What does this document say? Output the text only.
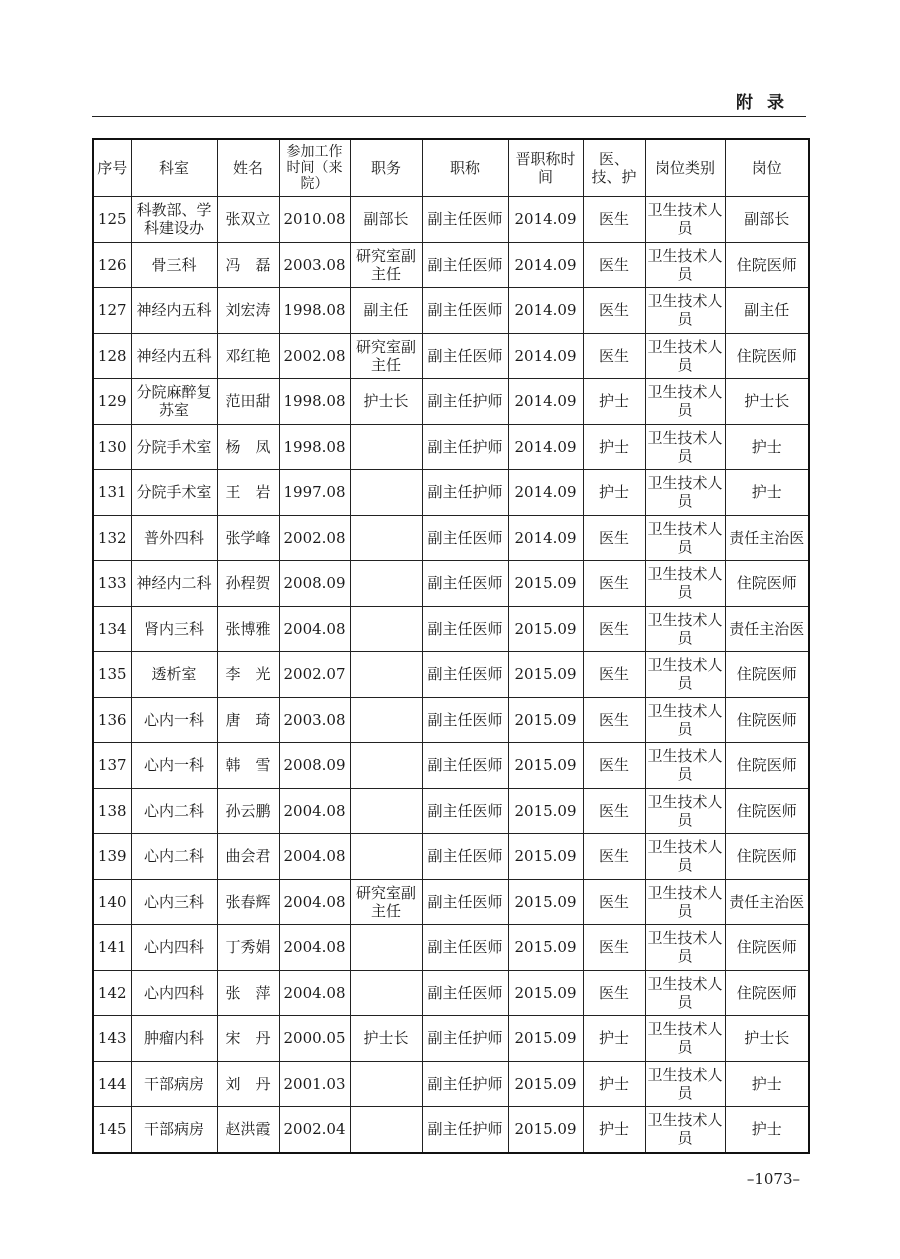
附录
序号	科室	姓名	参加工作时间（来院）	职务	职称	晋职称时间	医、技、护	岗位类别	岗位
125	科教部、学科建设办	张双立	2010.08	副部长	副主任医师	2014.09	医生	卫生技术人员	副部长
126	骨三科	冯　磊	2003.08	研究室副主任	副主任医师	2014.09	医生	卫生技术人员	住院医师
127	神经内五科	刘宏涛	1998.08	副主任	副主任医师	2014.09	医生	卫生技术人员	副主任
128	神经内五科	邓红艳	2002.08	研究室副主任	副主任医师	2014.09	医生	卫生技术人员	住院医师
129	分院麻醉复苏室	范田甜	1998.08	护士长	副主任护师	2014.09	护士	卫生技术人员	护士长
130	分院手术室	杨　凤	1998.08		副主任护师	2014.09	护士	卫生技术人员	护士
131	分院手术室	王　岩	1997.08		副主任护师	2014.09	护士	卫生技术人员	护士
132	普外四科	张学峰	2002.08		副主任医师	2014.09	医生	卫生技术人员	责任主治医
133	神经内二科	孙程贺	2008.09		副主任医师	2015.09	医生	卫生技术人员	住院医师
134	肾内三科	张博雅	2004.08		副主任医师	2015.09	医生	卫生技术人员	责任主治医
135	透析室	李　光	2002.07		副主任医师	2015.09	医生	卫生技术人员	住院医师
136	心内一科	唐　琦	2003.08		副主任医师	2015.09	医生	卫生技术人员	住院医师
137	心内一科	韩　雪	2008.09		副主任医师	2015.09	医生	卫生技术人员	住院医师
138	心内二科	孙云鹏	2004.08		副主任医师	2015.09	医生	卫生技术人员	住院医师
139	心内二科	曲会君	2004.08		副主任医师	2015.09	医生	卫生技术人员	住院医师
140	心内三科	张春辉	2004.08	研究室副主任	副主任医师	2015.09	医生	卫生技术人员	责任主治医
141	心内四科	丁秀娟	2004.08		副主任医师	2015.09	医生	卫生技术人员	住院医师
142	心内四科	张　萍	2004.08		副主任医师	2015.09	医生	卫生技术人员	住院医师
143	肿瘤内科	宋　丹	2000.05	护士长	副主任护师	2015.09	护士	卫生技术人员	护士长
144	干部病房	刘　丹	2001.03		副主任护师	2015.09	护士	卫生技术人员	护士
145	干部病房	赵洪霞	2002.04		副主任护师	2015.09	护士	卫生技术人员	护士
–1073–
